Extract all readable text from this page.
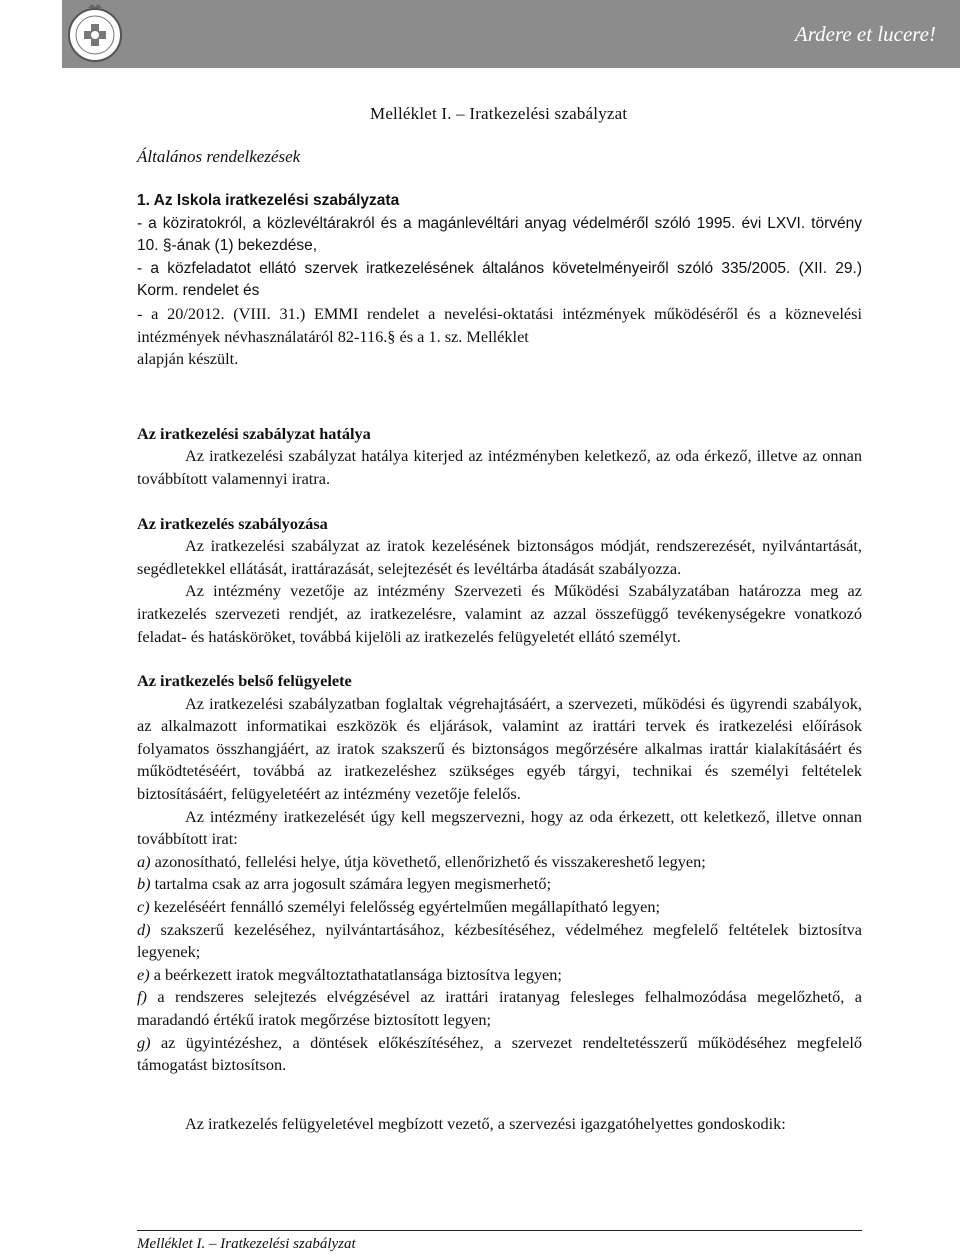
Ardere et lucere!
Melléklet I. – Iratkezelési szabályzat
Általános rendelkezések

1. Az Iskola iratkezelési szabályzata

- a köziratokról, a közlevéltárakról és a magánlevéltári anyag védelméről szóló 1995. évi LXVI. törvény 10. §-ának (1) bekezdése,

- a közfeladatot ellátó szervek iratkezelésének általános követelményeiről szóló 335/2005. (XII. 29.) Korm. rendelet és

- a 20/2012. (VIII. 31.) EMMI rendelet a nevelési-oktatási intézmények működéséről és a köznevelési intézmények névhasználatáról 82-116.§ és a 1. sz. Melléklet

alapján készült.

Az iratkezelési szabályzat hatálya

Az iratkezelési szabályzat hatálya kiterjed az intézményben keletkező, az oda érkező, illetve az onnan továbbított valamennyi iratra.

Az iratkezelés szabályozása

Az iratkezelési szabályzat az iratok kezelésének biztonságos módját, rendszerezését, nyilvántartását, segédletekkel ellátását, irattárazását, selejtezését és levéltárba átadását szabályozza.

Az intézmény vezetője az intézmény Szervezeti és Működési Szabályzatában határozza meg az iratkezelés szervezeti rendjét, az iratkezelésre, valamint az azzal összefüggő tevékenységekre vonatkozó feladat- és hatásköröket, továbbá kijelöli az iratkezelés felügyeletét ellátó személyt.

Az iratkezelés belső felügyelete

Az iratkezelési szabályzatban foglaltak végrehajtásáért, a szervezeti, működési és ügyrendi szabályok, az alkalmazott informatikai eszközök és eljárások, valamint az irattári tervek és iratkezelési előírások folyamatos összhangjáért, az iratok szakszerű és biztonságos megőrzésére alkalmas irattár kialakításáért és működtetéséért, továbbá az iratkezeléshez szükséges egyéb tárgyi, technikai és személyi feltételek biztosításáért, felügyeletéért az intézmény vezetője felelős.

Az intézmény iratkezelését úgy kell megszervezni, hogy az oda érkezett, ott keletkező, illetve onnan továbbított irat:

a) azonosítható, fellelési helye, útja követhető, ellenőrizhető és visszakereshető legyen;

b) tartalma csak az arra jogosult számára legyen megismerhető;

c) kezeléséért fennálló személyi felelősség egyértelműen megállapítható legyen;

d) szakszerű kezeléséhez, nyilvántartásához, kézbesítéséhez, védelméhez megfelelő feltételek biztosítva legyenek;

e) a beérkezett iratok megváltoztathatatlansága biztosítva legyen;

f) a rendszeres selejtezés elvégzésével az irattári iratanyag felesleges felhalmozódása megelőzhető, a maradandó értékű iratok megőrzése biztosított legyen;

g) az ügyintézéshez, a döntések előkészítéséhez, a szervezet rendeltetésszerű működéséhez megfelelő támogatást biztosítson.

Az iratkezelés felügyeletével megbízott vezető, a szervezési igazgatóhelyettes gondoskodik:

Melléklet I. – Iratkezelési szabályzat
